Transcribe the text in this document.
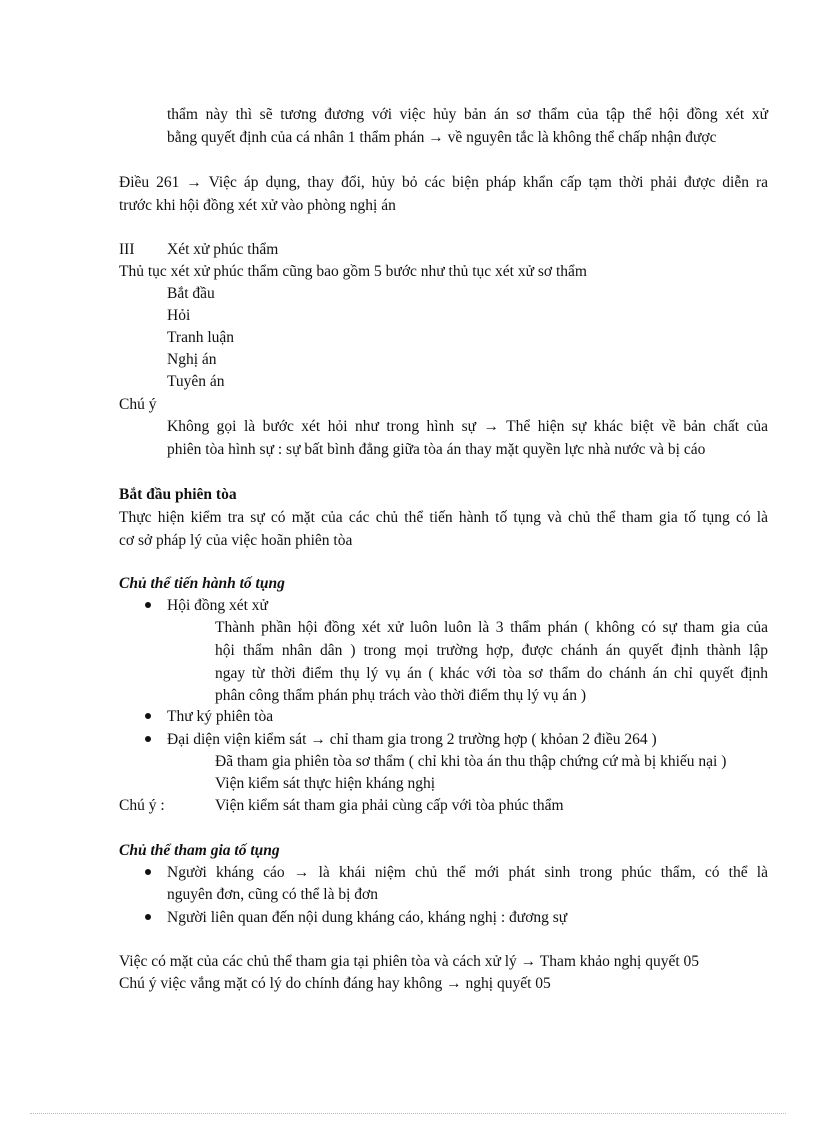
thẩm này thì sẽ tương đương với việc hủy bản án sơ thẩm của tập thể hội đồng xét xử
bằng quyết định của cá nhân 1 thẩm phán → về nguyên tắc là không thể chấp nhận được
Điều 261 → Việc áp dụng, thay đổi, hủy bỏ các biện pháp khẩn cấp tạm thời phải được diễn ra
trước khi hội đồng xét xử vào phòng nghị án
III Xét xử phúc thẩm
Thủ tục xét xử phúc thẩm cũng bao gồm 5 bước như thủ tục xét xử sơ thẩm
Bắt đầu
Hỏi
Tranh luận
Nghị án
Tuyên án
Chú ý
Không gọi là bước xét hỏi như trong hình sự → Thể hiện sự khác biệt về bản chất của
phiên tòa hình sự : sự bất bình đẳng giữa tòa án thay mặt quyền lực nhà nước và bị cáo
Bắt đầu phiên tòa
Thực hiện kiểm tra sự có mặt của các chủ thể tiến hành tố tụng và chủ thể tham gia tố tụng có là
cơ sở pháp lý của việc hoãn phiên tòa
Chủ thể tiến hành tố tụng
Hội đồng xét xử
Thành phần hội đồng xét xử luôn luôn là 3 thẩm phán ( không có sự tham gia của
hội thẩm nhân dân ) trong mọi trường hợp, được chánh án quyết định thành lập
ngay từ thời điểm thụ lý vụ án ( khác với tòa sơ thẩm do chánh án chỉ quyết định
phân công thẩm phán phụ trách vào thời điểm thụ lý vụ án )
Thư ký phiên tòa
Đại diện viện kiểm sát → chỉ tham gia trong 2 trường hợp ( khỏan 2 điều 264 )
Đã tham gia phiên tòa sơ thẩm ( chỉ khi tòa án thu thập chứng cứ mà bị khiếu nại )
Viện kiểm sát thực hiện kháng nghị
Chú ý :	Viện kiểm sát tham gia phải cùng cấp với tòa phúc thẩm
Chủ thể tham gia tố tụng
Người kháng cáo → là khái niệm chủ thể mới phát sinh trong phúc thẩm, có thể là
nguyên đơn, cũng có thể là bị đơn
Người liên quan đến nội dung kháng cáo, kháng nghị : đương sự
Việc có mặt của các chủ thể tham gia tại phiên tòa và cách xử lý → Tham khảo nghị quyết 05
Chú ý việc vắng mặt có lý do chính đáng hay không → nghị quyết 05
